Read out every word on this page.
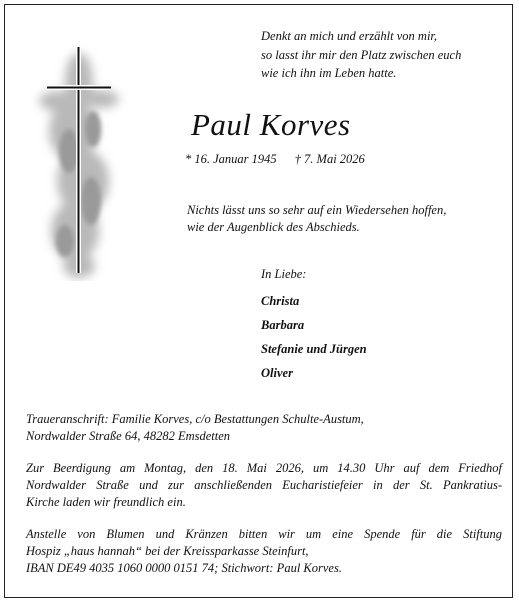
Denkt an mich und erzählt von mir,
so lasst ihr mir den Platz zwischen euch
wie ich ihn im Leben hatte.
Paul Korves
* 16. Januar 1945 † 7. Mai 2026
Nichts lässt uns so sehr auf ein Wiedersehen hoffen,
wie der Augenblick des Abschieds.
In Liebe:
Christa
Barbara
Stefanie und Jürgen
Oliver
Traueranschrift: Familie Korves, c/o Bestattungen Schulte-Austum,
Nordwalder Straße 64, 48282 Emsdetten
Zur Beerdigung am Montag, den 18. Mai 2026, um 14.30 Uhr auf dem Friedhof
Nordwalder Straße und zur anschließenden Eucharistiefeier in der St. Pankratius-
Kirche laden wir freundlich ein.
Anstelle von Blumen und Kränzen bitten wir um eine Spende für die Stiftung
Hospiz „haus hannah“ bei der Kreissparkasse Steinfurt,
IBAN DE49 4035 1060 0000 0151 74; Stichwort: Paul Korves.
